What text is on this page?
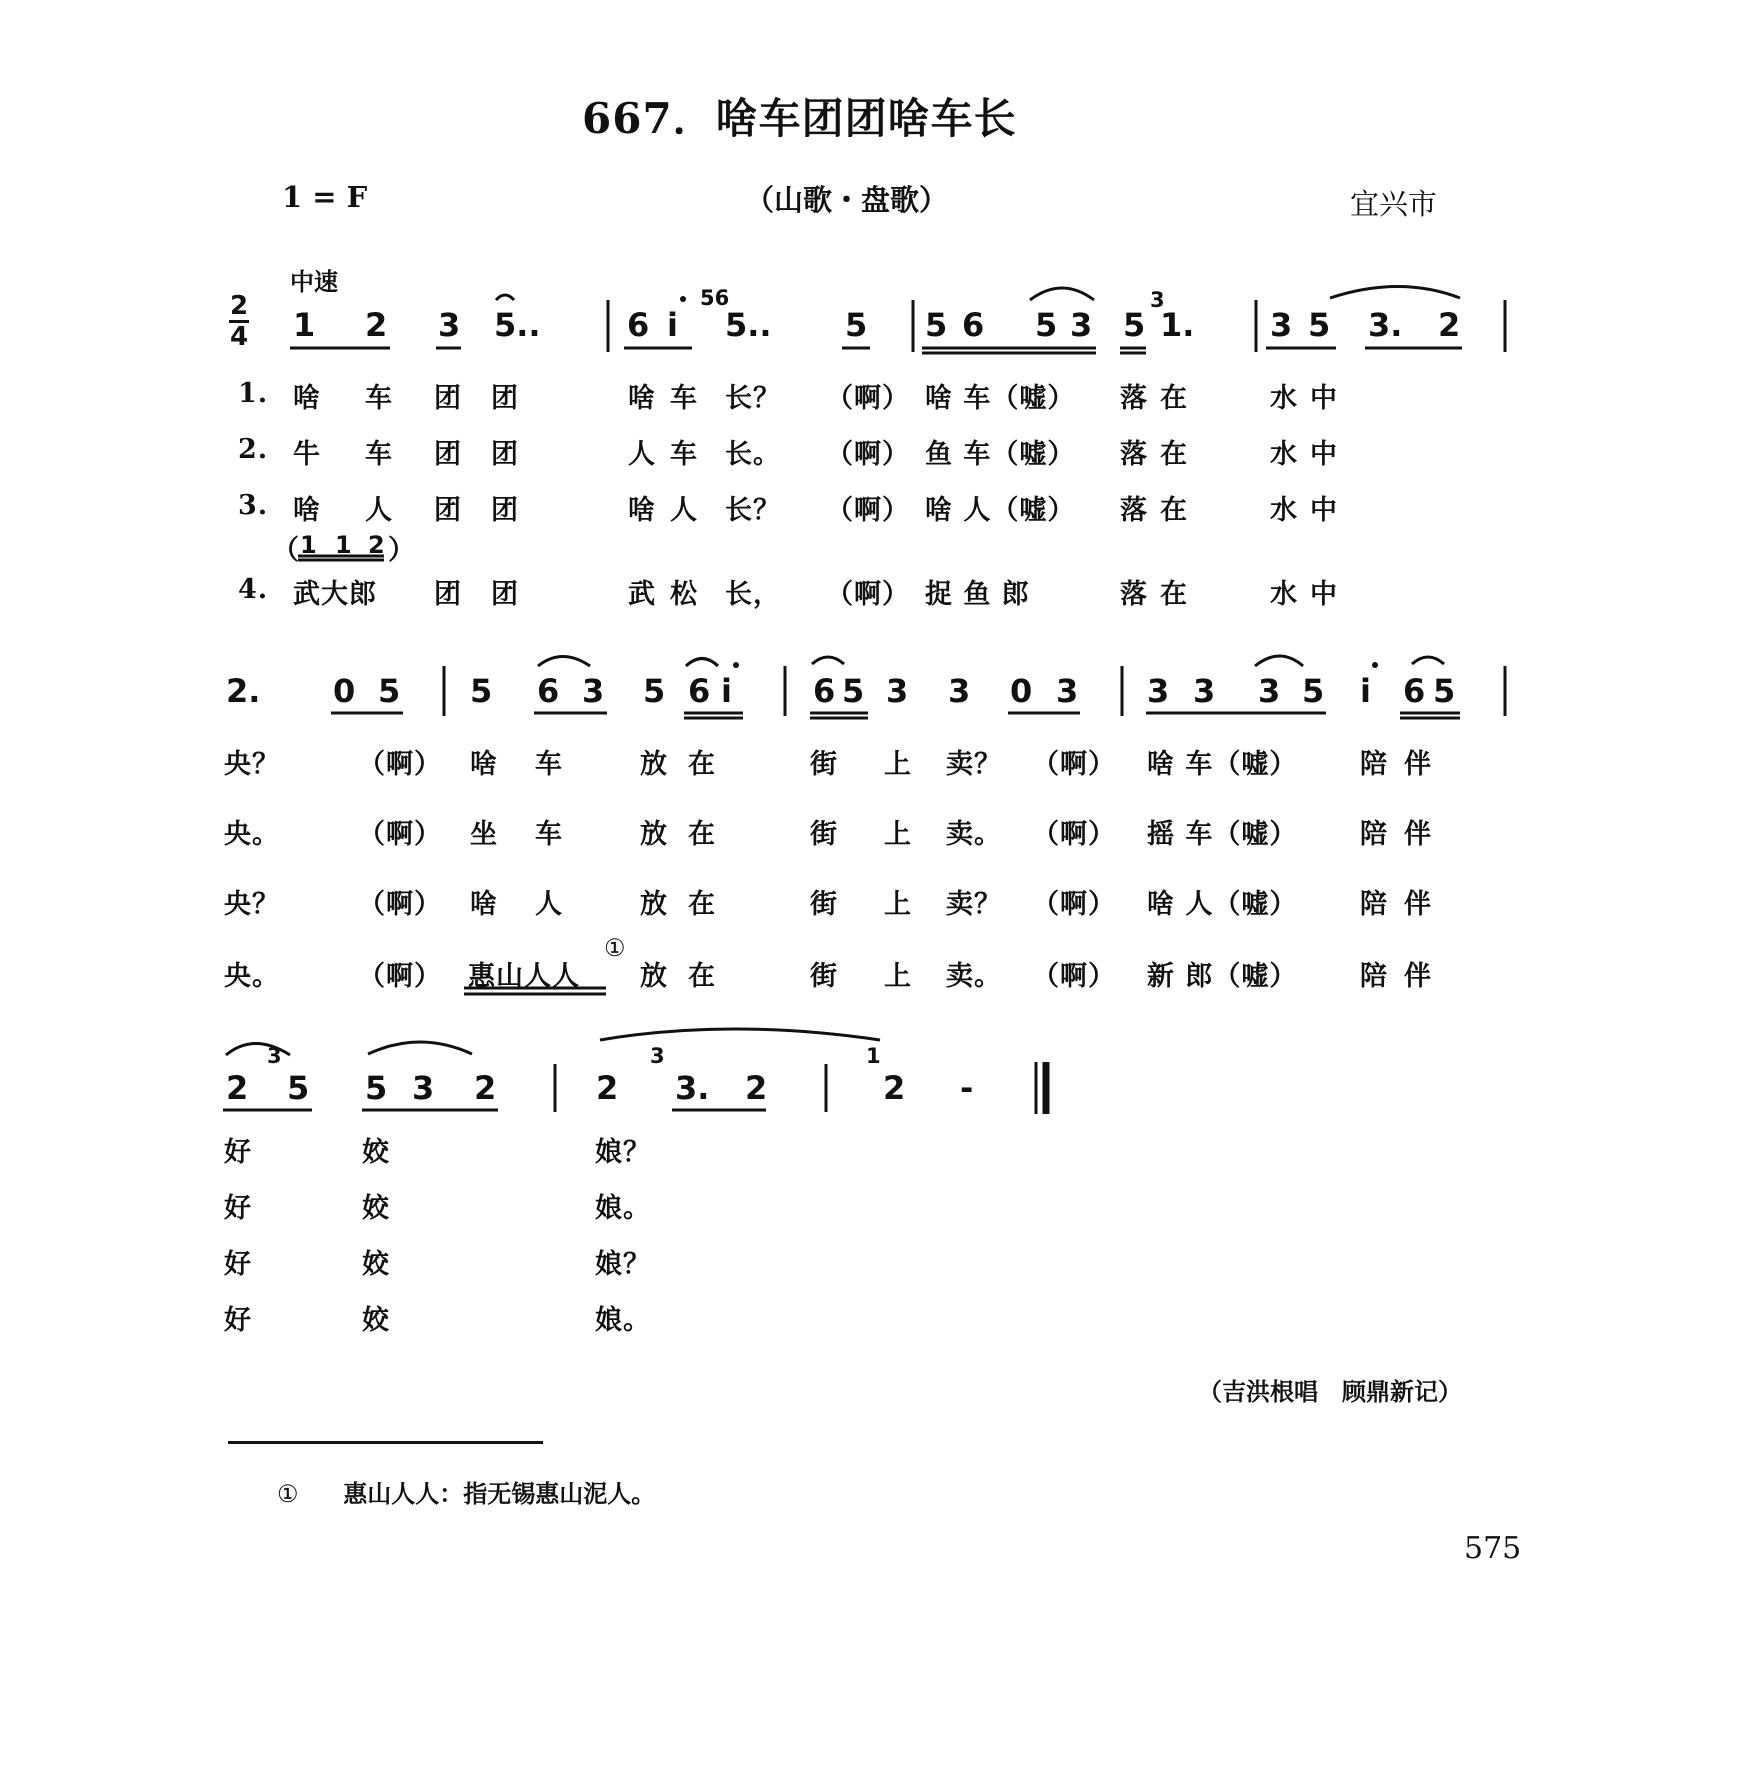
667．啥车团团啥车长
1 = F	（山歌・盘歌）	宜兴市
中速
2
4 1 2 3 5..	6 i
56
5.. 5 5 6 5 3 5
3
1. 3 5 3. 2
1. 啥 车 团 团	啥 车 长？ （啊） 啥 车（嘘） 落 在	水 中
2. 牛 车 团 团	人 车 长。 （啊） 鱼 车（嘘） 落 在	水 中
3. 啥 人 团 团	啥 人 长？ （啊） 啥 人（嘘） 落 在	水 中
（ 1 1 2 ）
4. 武大郎 团 团	武 松 长， （啊） 捉 鱼 郎	落 在	水 中
2. 0 5 5 6 3 5 6 i	6 5 3 3 0 3 3 3 3 5 i 6 5
央？	（啊） 啥 车	放 在	街 上 卖？ （啊） 啥 车（嘘） 陪 伴
央。	（啊） 坐 车	放 在	街 上 卖。 （啊） 摇 车（嘘） 陪 伴
央？	（啊） 啥 人	放 在	街 上 卖？ （啊） 啥 人（嘘） 陪 伴
央。	（啊） 惠山人人
①
放 在	街 上 卖。 （啊） 新 郎（嘘） 陪 伴
2
3
5 5 3 2	2
3
3. 2
1
2 -
好	姣	娘？
好	姣	娘。
好	姣	娘？
好	姣	娘。
（吉洪根唱　顾鼎新记）
① 惠山人人：指无锡惠山泥人。
575
